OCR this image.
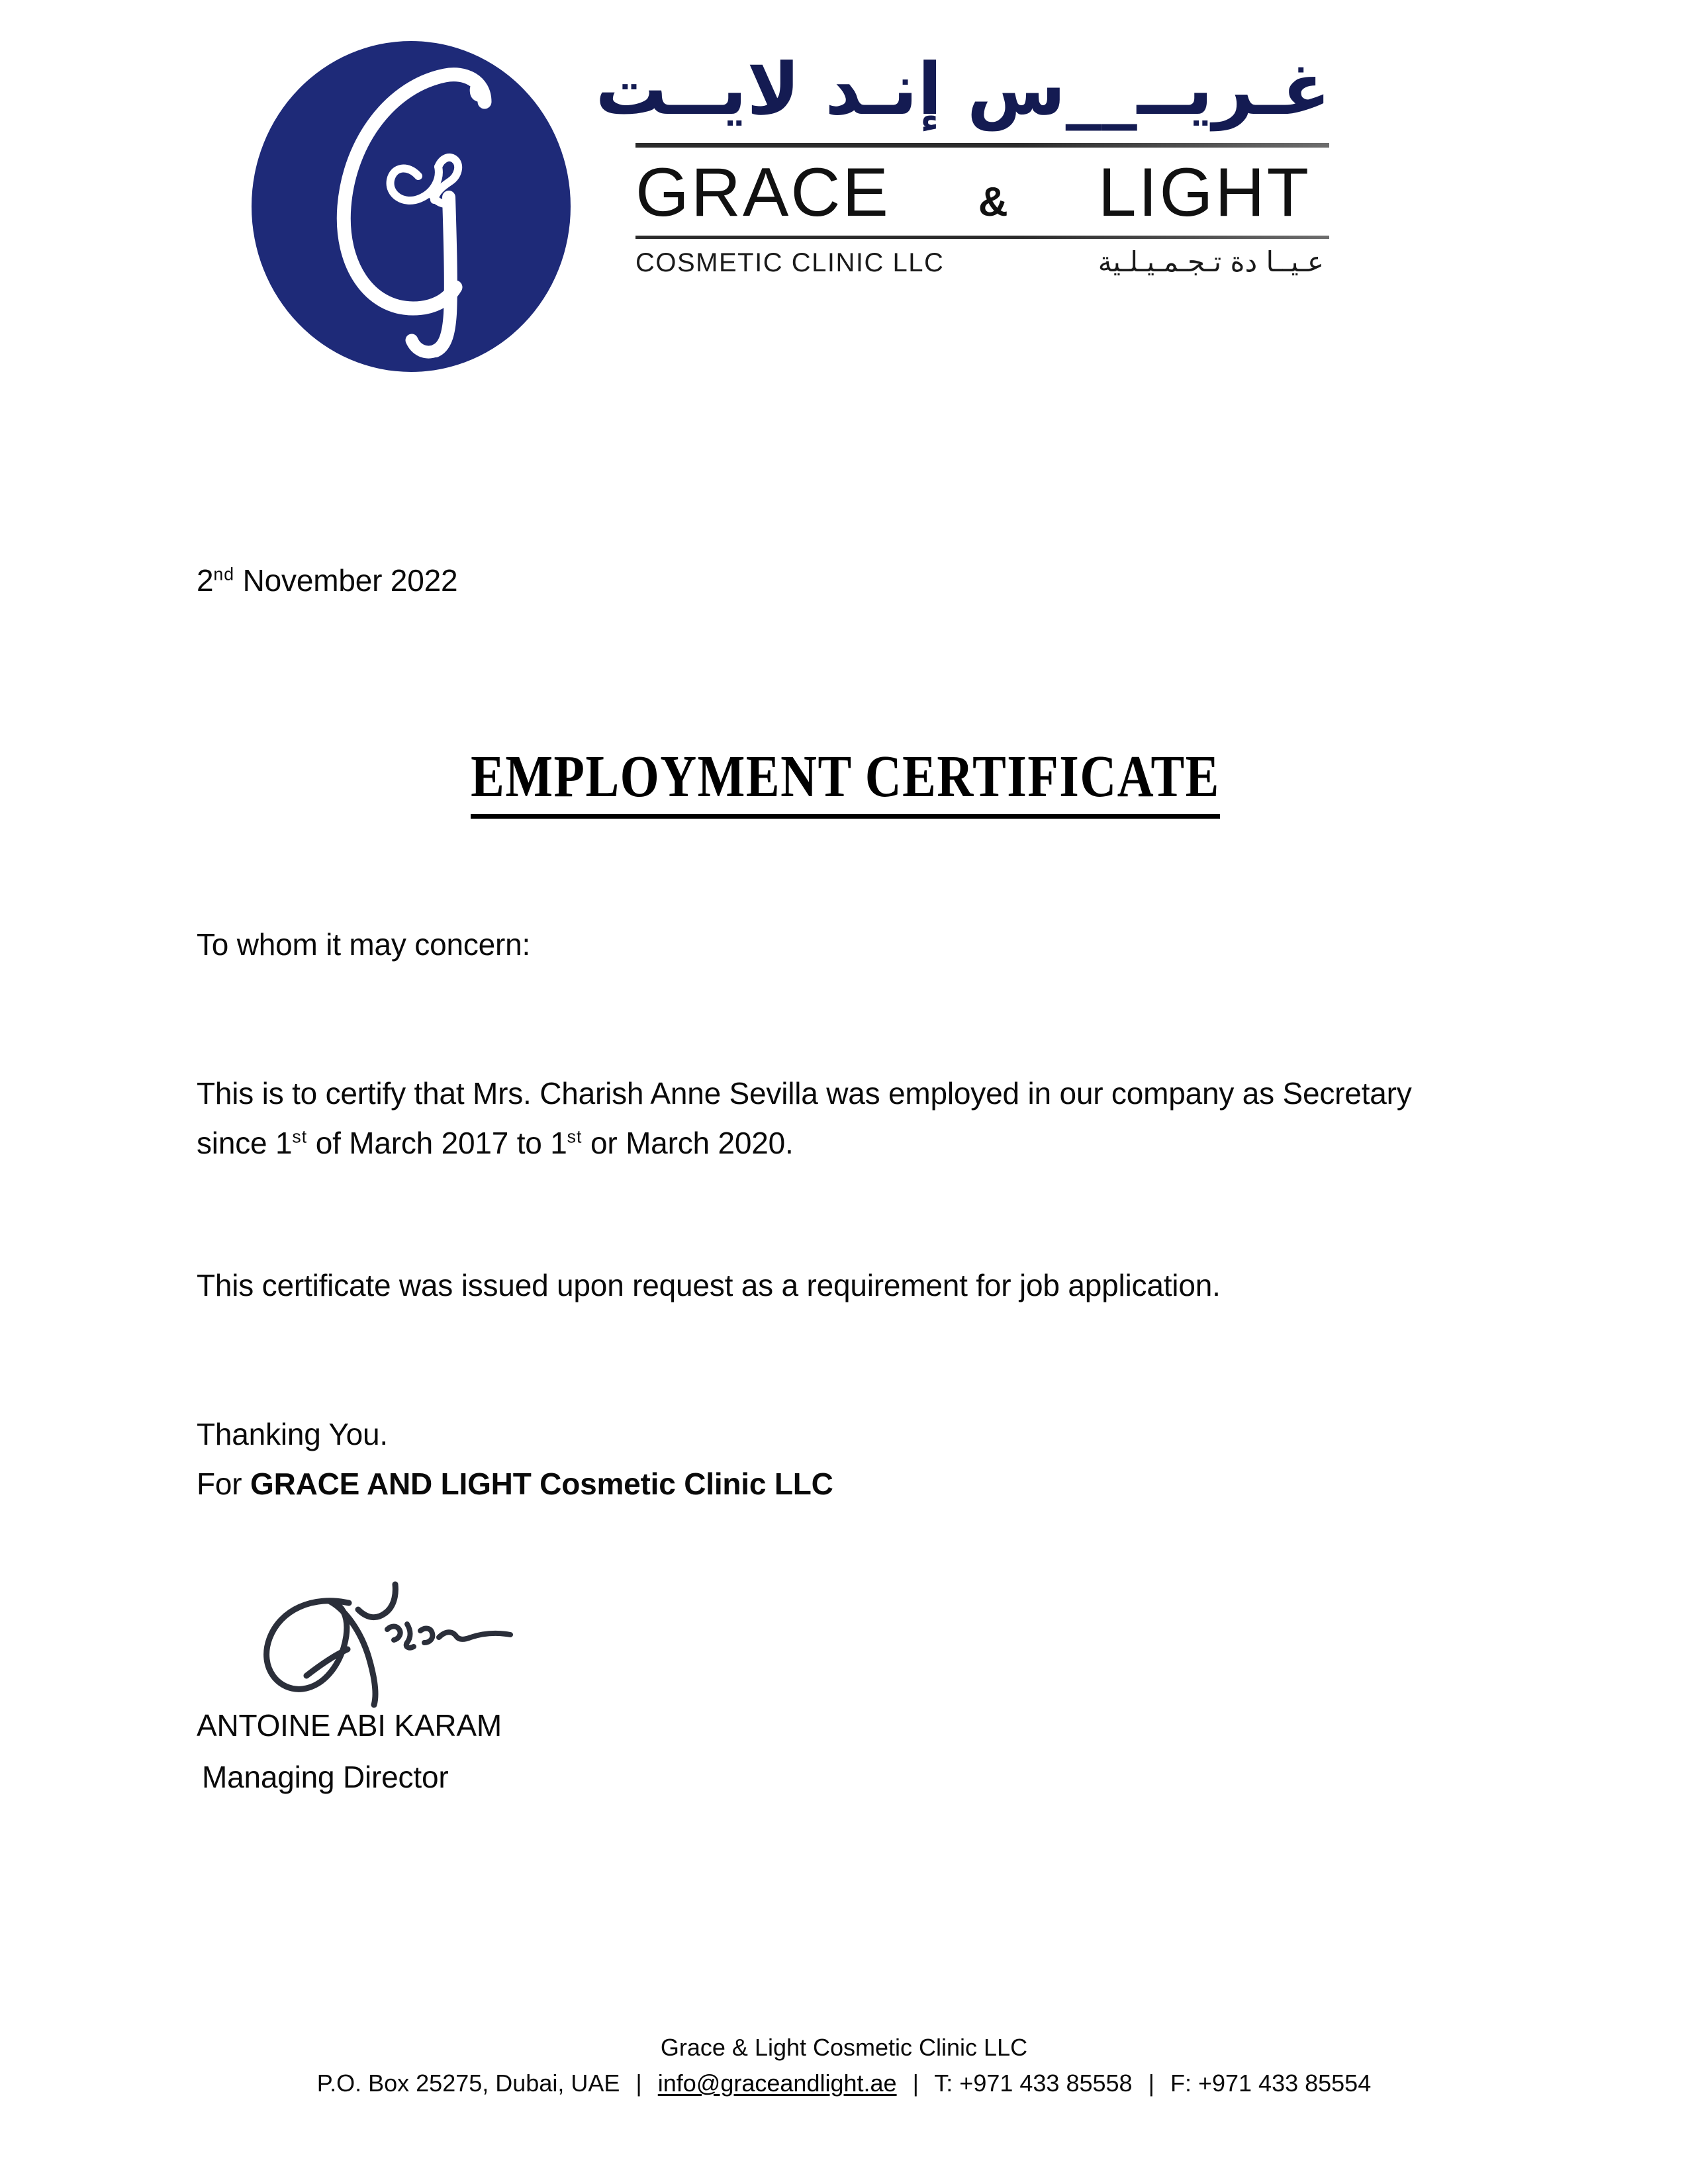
غـريــ__س إنـد لايــت
GRACE & LIGHT
COSMETIC CLINIC LLC	عـيــا دة تـجـمـيـلـية
2nd November 2022
EMPLOYMENT CERTIFICATE
To whom it may concern:
This is to certify that Mrs. Charish Anne Sevilla was employed in our company as Secretary since 1st of March 2017 to 1st or March 2020.
This certificate was issued upon request as a requirement for job application.
Thanking You.
For GRACE AND LIGHT Cosmetic Clinic LLC
ANTOINE ABI KARAM
Managing Director
Grace & Light Cosmetic Clinic LLC
P.O. Box 25275, Dubai, UAE | info@graceandlight.ae | T: +971 433 85558 | F: +971 433 85554
